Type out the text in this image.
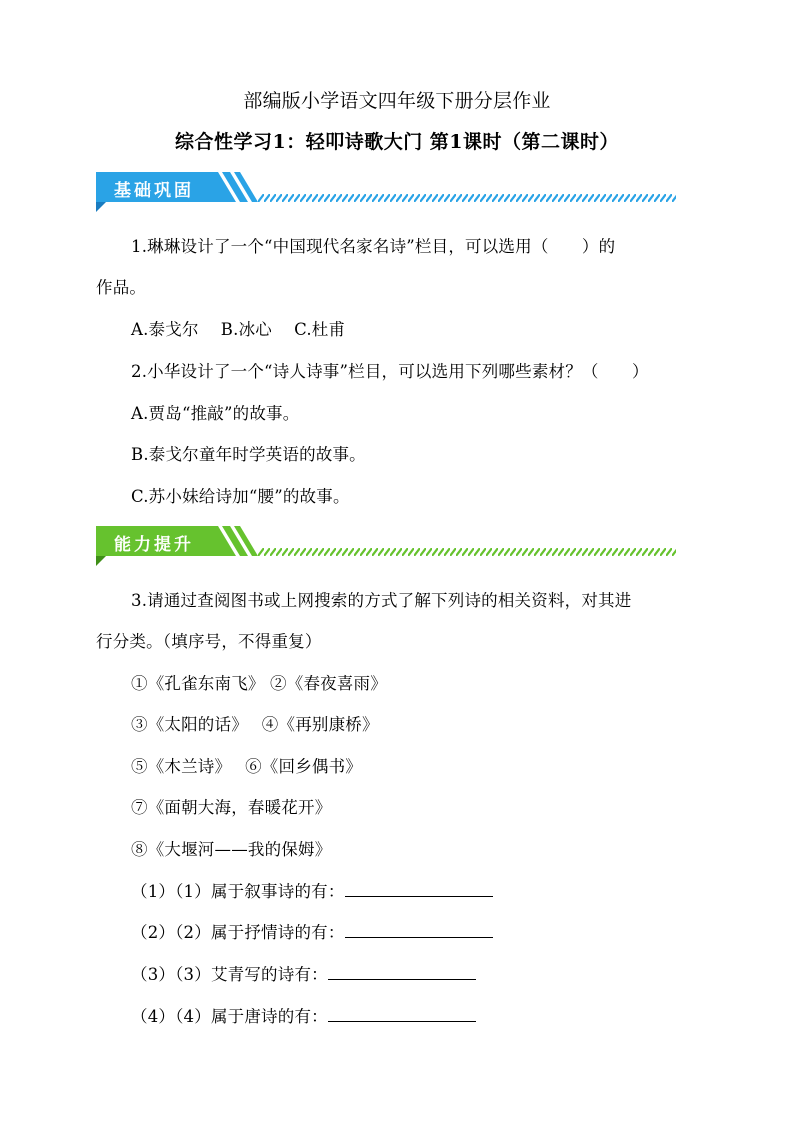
部编版小学语文四年级下册分层作业
综合性学习1：轻叩诗歌大门 第1课时（第二课时）
基础巩固
1.琳琳设计了一个“中国现代名家名诗”栏目，可以选用（　　）的
作品。
A.泰戈尔　 B.冰心　 C.杜甫
2.小华设计了一个“诗人诗事”栏目，可以选用下列哪些素材？（　　）
A.贾岛“推敲”的故事。
B.泰戈尔童年时学英语的故事。
C.苏小妹给诗加“腰”的故事。
能力提升
3.请通过查阅图书或上网搜索的方式了解下列诗的相关资料，对其进
行分类。（填序号，不得重复）
①《孔雀东南飞》 ②《春夜喜雨》
③《太阳的话》　 ④《再别康桥》
⑤《木兰诗》　 ⑥《回乡偶书》
⑦《面朝大海，春暖花开》
⑧《大堰河——我的保姆》
（1）（1）属于叙事诗的有：
（2）（2）属于抒情诗的有：
（3）（3）艾青写的诗有：
（4）（4）属于唐诗的有：
